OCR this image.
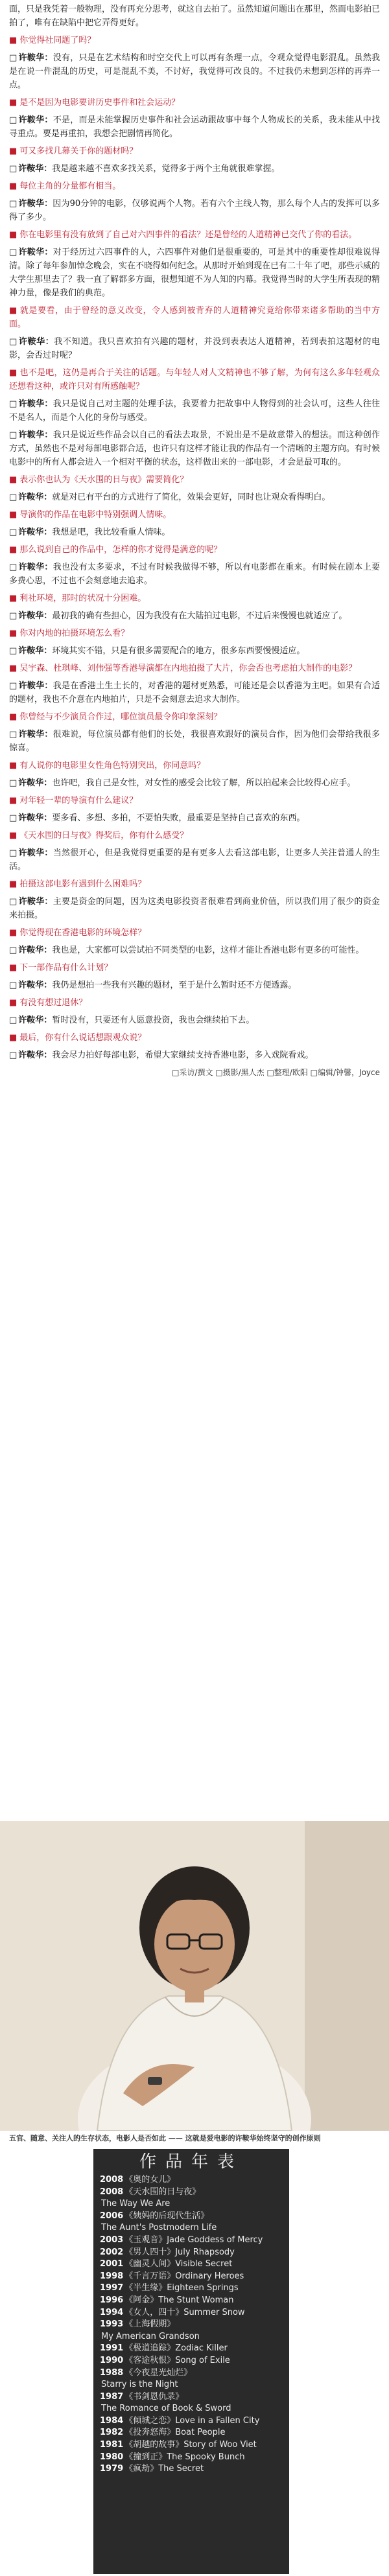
面，只是我凭着一般物理，没有再充分思考，就这自去拍了。虽然知道问题出在那里，然而电影拍已拍了，唯有在缺陷中把它弄得更好。
■ 你觉得社同题了吗？
□ 许鞍华：没有，只是在艺术结构和时空交代上可以再有条理一点，令观众觉得电影混乱。虽然我是在说一件混乱的历史，可是混乱不美，不讨好，我觉得可改良的。不过我仍未想到怎样的再弄一点。
■ 是不是因为电影要讲历史事件和社会运动？
□ 许鞍华：不是，而是未能掌握历史事件和社会运动跟故事中每个人物成长的关系，我未能从中找寻重点。要是再重拍，我想会把剧情再简化。
■ 可又多找几幕关于你的题材吗？
□ 许鞍华：我是越来越不喜欢多找关系，觉得多于两个主角就很难掌握。
■ 每位主角的分量都有相当。
□ 许鞍华：因为90分钟的电影，仅够说两个人物。若有六个主线人物，那么每个人占的发挥可以多得了多少。
■ 你在电影里有没有放到了自己对六四事件的看法？还是曾经的人道精神已交代了你的看法。
□ 许鞍华：对于经历过六四事件的人，六四事件对他们是很重要的，可是其中的重要性却很难说得清。除了每年参加悼念晚会，实在不晓得如何纪念。从那时开始到现在已有二十年了吧，那些示威的大学生那里去了？我一直了解都多方面，很想知道不为人知的内幕。我觉得当时的大学生所表现的精神力量，像是我们的典范。
■ 就是要看，由于曾经的意义改变，令人感到被背弃的人道精神究竟给你带来诸多帮助的当中方面。
□ 许鞍华：我不知道。我只喜欢拍有兴趣的题材，并没到表表达人道精神，若到表拍这题材的电影，会否过时呢？
■ 也不是吧，这仍是再合于关注的话题。与年轻人对人文精神也不够了解，为何有这么多年轻观众还想看这种，或许只对有所感触呢？
□ 许鞍华：我只是说自己对主题的处理手法，我要着力把故事中人物得到的社会认可，这些人往往不是名人，而是个人化的身份与感受。
□ 许鞍华：我只是说近些作品会以自己的看法去取景，不说出是不是故意带入的想法。而这种创作方式，虽然也不是对每部电影都合适，也许只有这样才能让我的作品有一个清晰的主题方向。有时候电影中的所有人都会进入一个相对平衡的状态，这样做出来的一部电影，才会是最可取的。
■ 表示你也认为《天水围的日与夜》需要简化？
□ 许鞍华：就是对已有平台的方式进行了简化，效果会更好，同时也让观众看得明白。
■ 导演你的作品在电影中特别强调人情味。
□ 许鞍华：我想是吧，我比较看重人情味。
■ 那么说到自己的作品中，怎样的你才觉得是满意的呢？
□ 许鞍华：我也没有太多要求，不过有时候我做得不够，所以有电影都在重来。有时候在剧本上要多费心思，不过也不会刻意地去追求。
■ 利社环境，那时的状况十分困难。
□ 许鞍华：最初我的确有些担心，因为我没有在大陆拍过电影，不过后来慢慢也就适应了。
■ 你对内地的拍摄环境怎么看？
□ 许鞍华：环境其实不错，只是有很多需要配合的地方，很多东西要慢慢适应。
■ 吴宇森、杜琪峰、刘伟强等香港导演都在内地拍摄了大片，你会否也考虑拍大制作的电影？
□ 许鞍华：我是在香港土生土长的，对香港的题材更熟悉，可能还是会以香港为主吧。如果有合适的题材，我也不介意在内地拍片，只是不会刻意去追求大制作。
■ 你曾经与不少演员合作过，哪位演员最令你印象深刻？
□ 许鞍华：很难说，每位演员都有他们的长处，我很喜欢跟好的演员合作，因为他们会带给我很多惊喜。
■ 有人说你的电影里女性角色特别突出，你同意吗？
□ 许鞍华：也许吧，我自己是女性，对女性的感受会比较了解，所以拍起来会比较得心应手。
■ 对年轻一辈的导演有什么建议？
□ 许鞍华：要多看、多想、多拍，不要怕失败，最重要是坚持自己喜欢的东西。
■ 《天水围的日与夜》得奖后，你有什么感受？
□ 许鞍华：当然很开心，但是我觉得更重要的是有更多人去看这部电影，让更多人关注普通人的生活。
■ 拍摄这部电影有遇到什么困难吗？
□ 许鞍华：主要是资金的问题，因为这类电影投资者很难看到商业价值，所以我们用了很少的资金来拍摄。
■ 你觉得现在香港电影的环境怎样？
□ 许鞍华：我也是，大家都可以尝试拍不同类型的电影，这样才能让香港电影有更多的可能性。
■ 下一部作品有什么计划？
□ 许鞍华：我仍是想拍一些我有兴趣的题材，至于是什么暂时还不方便透露。
■ 有没有想过退休？
□ 许鞍华：暂时没有，只要还有人愿意投资，我也会继续拍下去。
■ 最后，你有什么说话想跟观众说？
□ 许鞍华：我会尽力拍好每部电影，希望大家继续支持香港电影，多入戏院看戏。
□采访/撰文 □摄影/黑人杰 □整理/欧阳 □编辑/钟馨，Joyce
五官、随意、关注人的生存状态，电影人是否如此 —— 这就是爱电影的许鞍华始终坚守的创作原则
作品年表
2008 《奥的女儿》
2008 《天水围的日与夜》
The Way We Are
2006 《姨妈的后现代生活》
The Aunt's Postmodern Life
2003 《玉观音》Jade Goddess of Mercy
2002 《男人四十》July Rhapsody
2001 《幽灵人间》Visible Secret
1998 《千言万语》Ordinary Heroes
1997 《半生缘》Eighteen Springs
1996 《阿金》The Stunt Woman
1994 《女人，四十》Summer Snow
1993 《上海假期》
My American Grandson
1991 《极道追踪》Zodiac Killer
1990 《客途秋恨》Song of Exile
1988 《今夜星光灿烂》
Starry is the Night
1987 《书剑恩仇录》
The Romance of Book & Sword
1984 《倾城之恋》Love in a Fallen City
1982 《投奔怒海》Boat People
1981 《胡越的故事》Story of Woo Viet
1980 《撞到正》The Spooky Bunch
1979 《疯劫》The Secret
